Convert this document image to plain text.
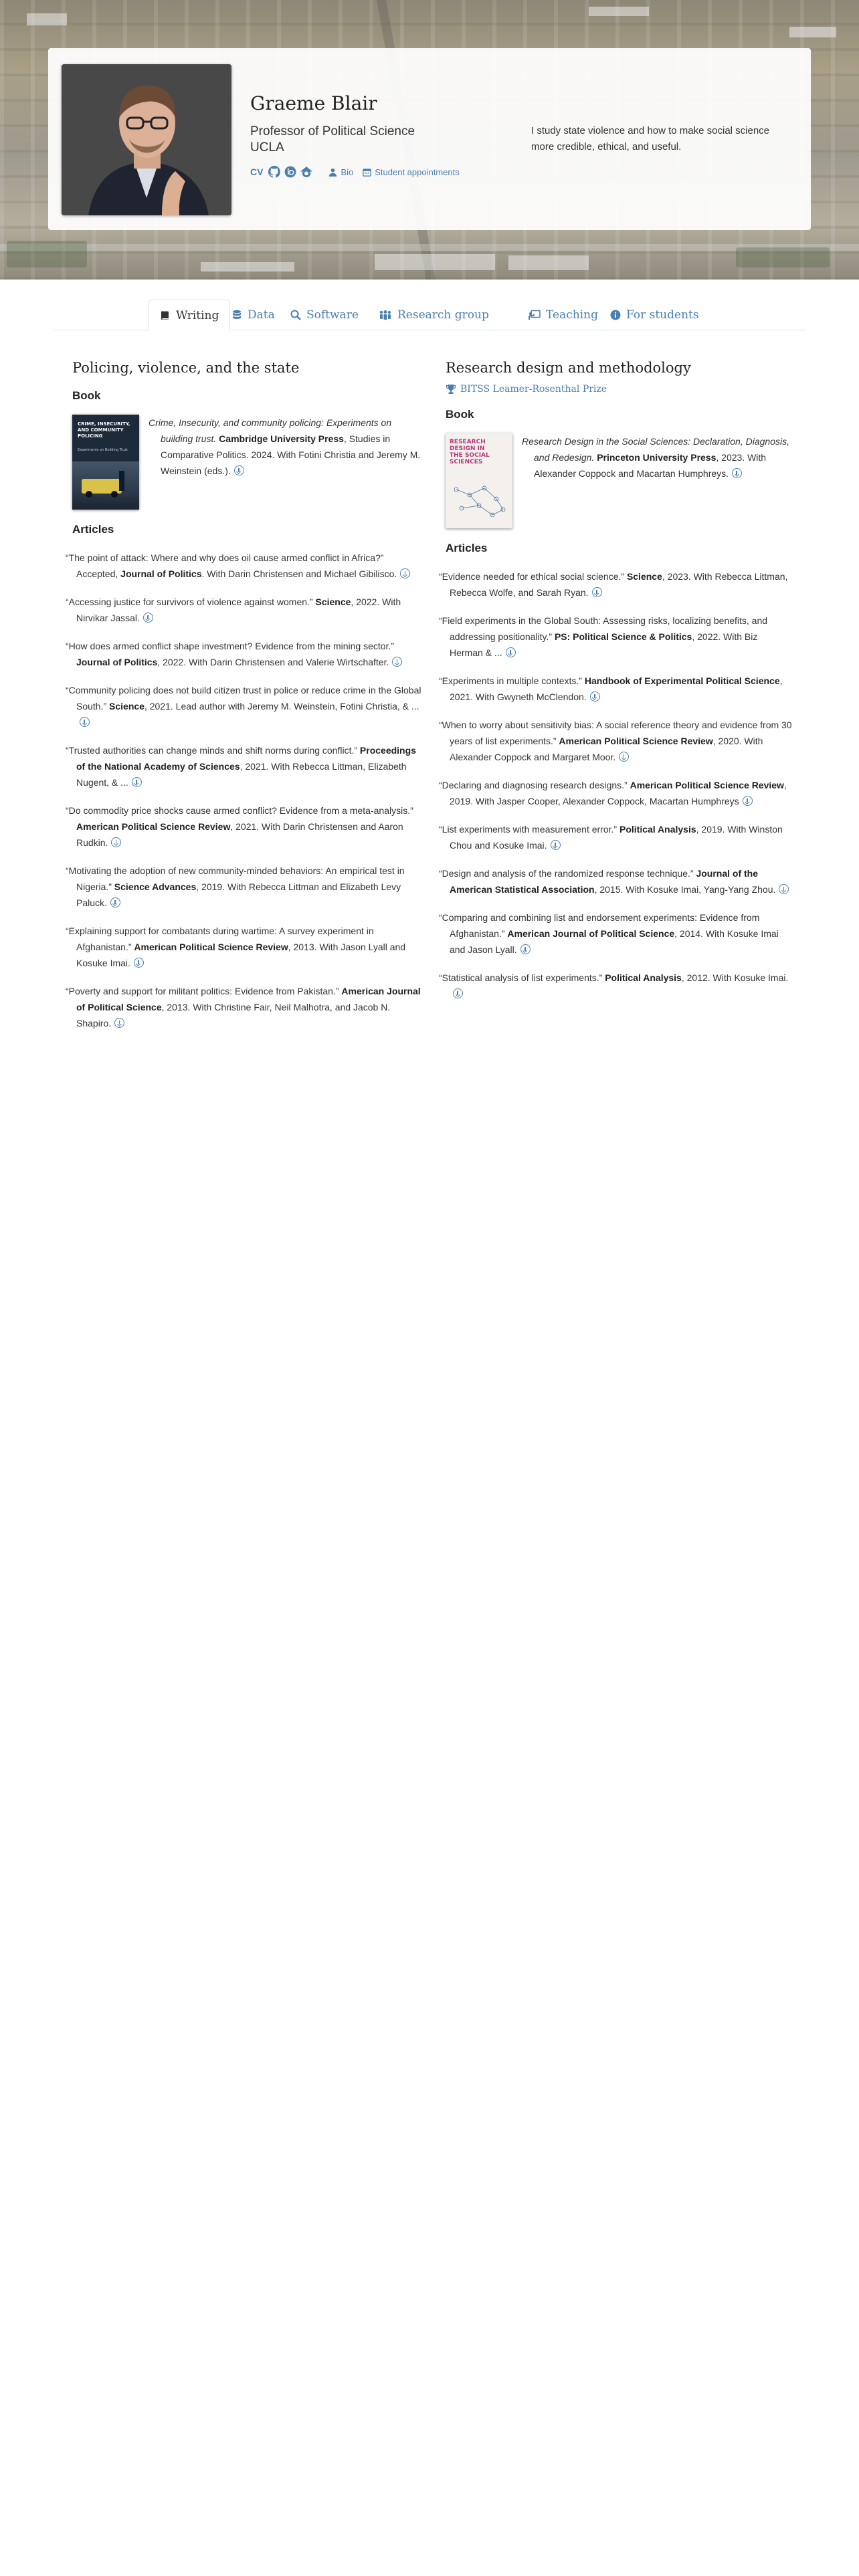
Graeme Blair
Professor of Political Science
UCLA
CV	Bio Student appointments
I study state violence and how to make social science more credible, ethical, and useful.
Writing	Data	Software	Research group	Teaching For students
Policing, violence, and the state
Book
CRIME, INSECURITY, AND COMMUNITY POLICING
Experiments on Building Trust
Crime, Insecurity, and community policing: Experiments on building trust. Cambridge University Press, Studies in Comparative Politics. 2024. With Fotini Christia and Jeremy M. Weinstein (eds.).
Articles
“The point of attack: Where and why does oil cause armed conflict in Africa?” Accepted, Journal of Politics. With Darin Christensen and Michael Gibilisco.
“Accessing justice for survivors of violence against women.” Science, 2022. With Nirvikar Jassal.
“How does armed conflict shape investment? Evidence from the mining sector.” Journal of Politics, 2022. With Darin Christensen and Valerie Wirtschafter.
“Community policing does not build citizen trust in police or reduce crime in the Global South.” Science, 2021. Lead author with Jeremy M. Weinstein, Fotini Christia, & ...
“Trusted authorities can change minds and shift norms during conflict.” Proceedings of the National Academy of Sciences, 2021. With Rebecca Littman, Elizabeth Nugent, & ...
“Do commodity price shocks cause armed conflict? Evidence from a meta-analysis.” American Political Science Review, 2021. With Darin Christensen and Aaron Rudkin.
“Motivating the adoption of new community-minded behaviors: An empirical test in Nigeria.” Science Advances, 2019. With Rebecca Littman and Elizabeth Levy Paluck.
“Explaining support for combatants during wartime: A survey experiment in Afghanistan.” American Political Science Review, 2013. With Jason Lyall and Kosuke Imai.
“Poverty and support for militant politics: Evidence from Pakistan.” American Journal of Political Science, 2013. With Christine Fair, Neil Malhotra, and Jacob N. Shapiro.
Research design and methodology
BITSS Leamer-Rosenthal Prize
Book
RESEARCH DESIGN IN THE SOCIAL SCIENCES
Research Design in the Social Sciences: Declaration, Diagnosis, and Redesign. Princeton University Press, 2023. With Alexander Coppock and Macartan Humphreys.
Articles
“Evidence needed for ethical social science.” Science, 2023. With Rebecca Littman, Rebecca Wolfe, and Sarah Ryan.
“Field experiments in the Global South: Assessing risks, localizing benefits, and addressing positionality.” PS: Political Science & Politics, 2022. With Biz Herman & ...
“Experiments in multiple contexts.” Handbook of Experimental Political Science, 2021. With Gwyneth McClendon.
“When to worry about sensitivity bias: A social reference theory and evidence from 30 years of list experiments.” American Political Science Review, 2020. With Alexander Coppock and Margaret Moor.
“Declaring and diagnosing research designs.” American Political Science Review, 2019. With Jasper Cooper, Alexander Coppock, Macartan Humphreys
“List experiments with measurement error.” Political Analysis, 2019. With Winston Chou and Kosuke Imai.
“Design and analysis of the randomized response technique.” Journal of the American Statistical Association, 2015. With Kosuke Imai, Yang-Yang Zhou.
“Comparing and combining list and endorsement experiments: Evidence from Afghanistan.” American Journal of Political Science, 2014. With Kosuke Imai and Jason Lyall.
“Statistical analysis of list experiments.” Political Analysis, 2012. With Kosuke Imai.
